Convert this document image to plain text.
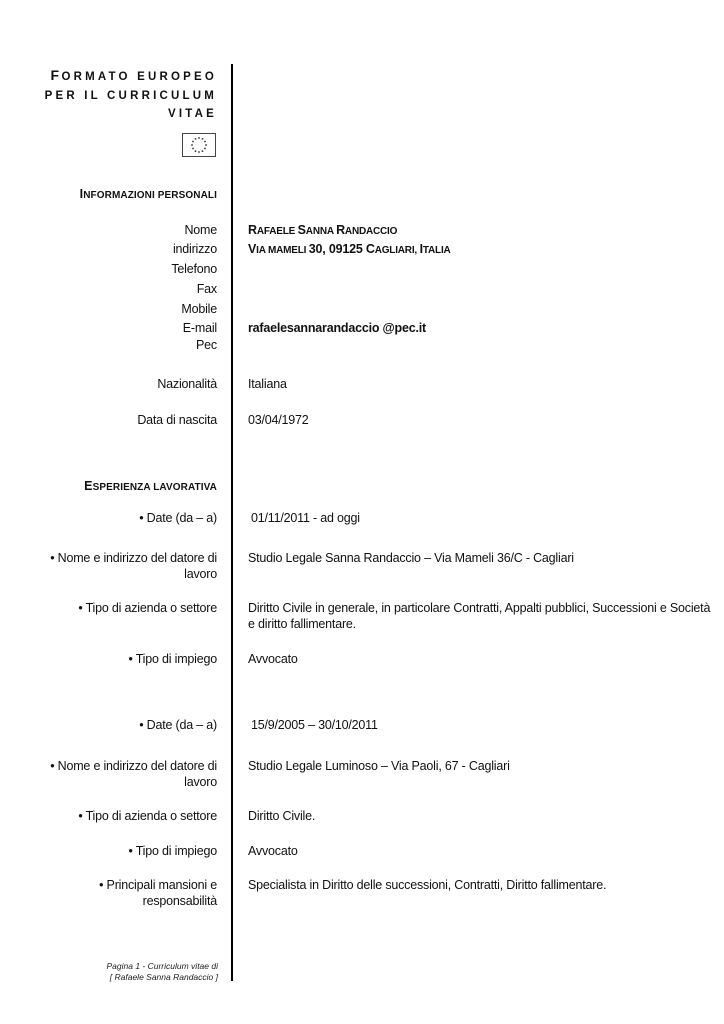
FORMATO EUROPEO
PER IL CURRICULUM
VITAE
INFORMAZIONI PERSONALI
Nome RAFAELE SANNA RANDACCIO
indirizzo VIA MAMELI 30, 09125 CAGLIARI, ITALIA
Telefono
Fax
Mobile
E-mail rafaelesannarandaccio @pec.it
Pec
Nazionalità Italiana
Data di nascita 03/04/1972
ESPERIENZA LAVORATIVA
• Date (da – a)	01/11/2011 - ad oggi
• Nome e indirizzo del datore di
lavoro
Studio Legale Sanna Randaccio – Via Mameli 36/C - Cagliari
• Tipo di azienda o settore Diritto Civile in generale, in particolare Contratti, Appalti pubblici, Successioni e Società
e diritto fallimentare.
• Tipo di impiego Avvocato
• Date (da – a)	15/9/2005 – 30/10/2011
• Nome e indirizzo del datore di
lavoro
Studio Legale Luminoso – Via Paoli, 67 - Cagliari
• Tipo di azienda o settore Diritto Civile.
• Tipo di impiego Avvocato
• Principali mansioni e
responsabilità
Specialista in Diritto delle successioni, Contratti, Diritto fallimentare.
Pagina 1 - Curriculum vitae di
[ Rafaele Sanna Randaccio ]
